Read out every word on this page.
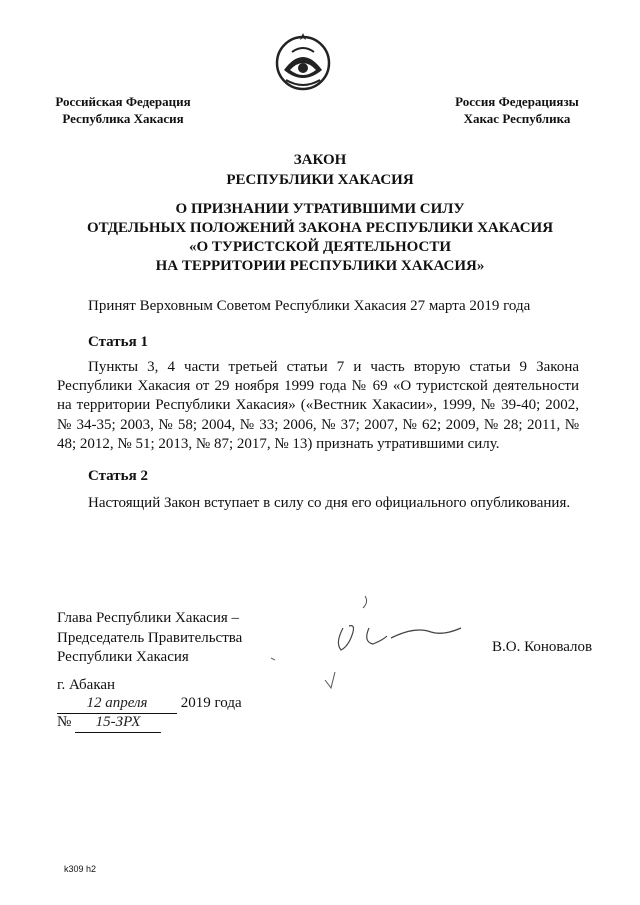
Российская Федерация
Республика Хакасия
Россия Федерациязы
Хакас Республика
ЗАКОН
РЕСПУБЛИКИ ХАКАСИЯ
О ПРИЗНАНИИ УТРАТИВШИМИ СИЛУ
ОТДЕЛЬНЫХ ПОЛОЖЕНИЙ ЗАКОНА РЕСПУБЛИКИ ХАКАСИЯ
«О ТУРИСТСКОЙ ДЕЯТЕЛЬНОСТИ
НА ТЕРРИТОРИИ РЕСПУБЛИКИ ХАКАСИЯ»
Принят Верховным Советом Республики Хакасия 27 марта 2019 года
Статья 1
Пункты 3, 4 части третьей статьи 7 и часть вторую статьи 9 Закона Республики Хакасия от 29 ноября 1999 года № 69 «О туристской деятельности на территории Республики Хакасия» («Вестник Хакасии», 1999, № 39-40; 2002, № 34-35; 2003, № 58; 2004, № 33; 2006, № 37; 2007, № 62; 2009, № 28; 2011, № 48; 2012, № 51; 2013, № 87; 2017, № 13) признать утратившими силу.
Статья 2
Настоящий Закон вступает в силу со дня его официального опубликования.
Глава Республики Хакасия –
Председатель Правительства
Республики Хакасия
В.О. Коновалов
г. Абакан
12 апреля 2019 года
№ 15-ЗРХ
k309 h2
